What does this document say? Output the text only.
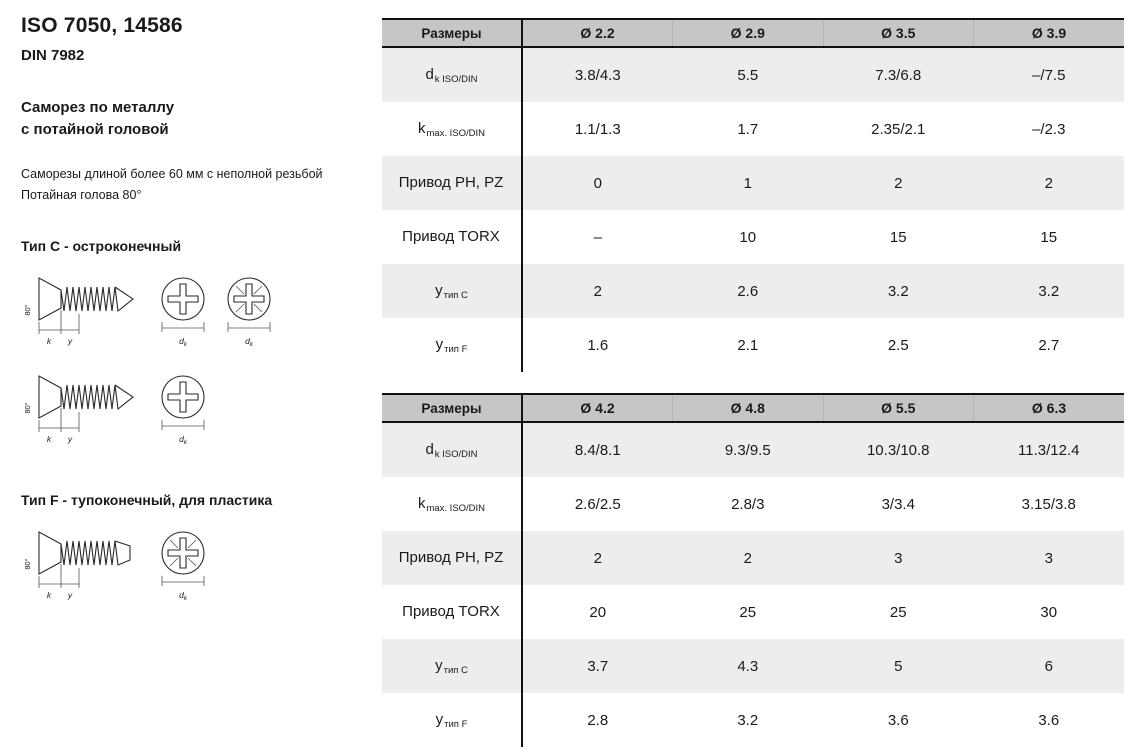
ISO 7050, 14586
DIN 7982
Саморез по металлу
с потайной головой
Саморезы длиной более 60 мм с неполной резьбой
Потайная голова 80°
Тип C - остроконечный
80°
k y	$d_k$	$d_k$
80°
k y	$d_k$
Тип F - тупоконечный, для пластика
80°
k y	$d_k$
Размеры	Ø 2.2	Ø 2.9	Ø 3.5	Ø 3.9
$d_{k ISO/DIN}$	3.8/4.3	5.5	7.3/6.8	–/7.5
$k_{max. ISO/DIN}$	1.1/1.3	1.7	2.35/2.1	–/2.3
Привод PH, PZ	0	1	2	2
Привод TORX	–	10	15	15
$у_{тип C}$	2	2.6	3.2	3.2
$у_{тип F}$	1.6	2.1	2.5	2.7
Размеры	Ø 4.2	Ø 4.8	Ø 5.5	Ø 6.3
$d_{k ISO/DIN}$	8.4/8.1	9.3/9.5	10.3/10.8	11.3/12.4
$k_{max. ISO/DIN}$	2.6/2.5	2.8/3	3/3.4	3.15/3.8
Привод PH, PZ	2	2	3	3
Привод TORX	20	25	25	30
$у_{тип C}$	3.7	4.3	5	6
$у_{тип F}$	2.8	3.2	3.6	3.6
